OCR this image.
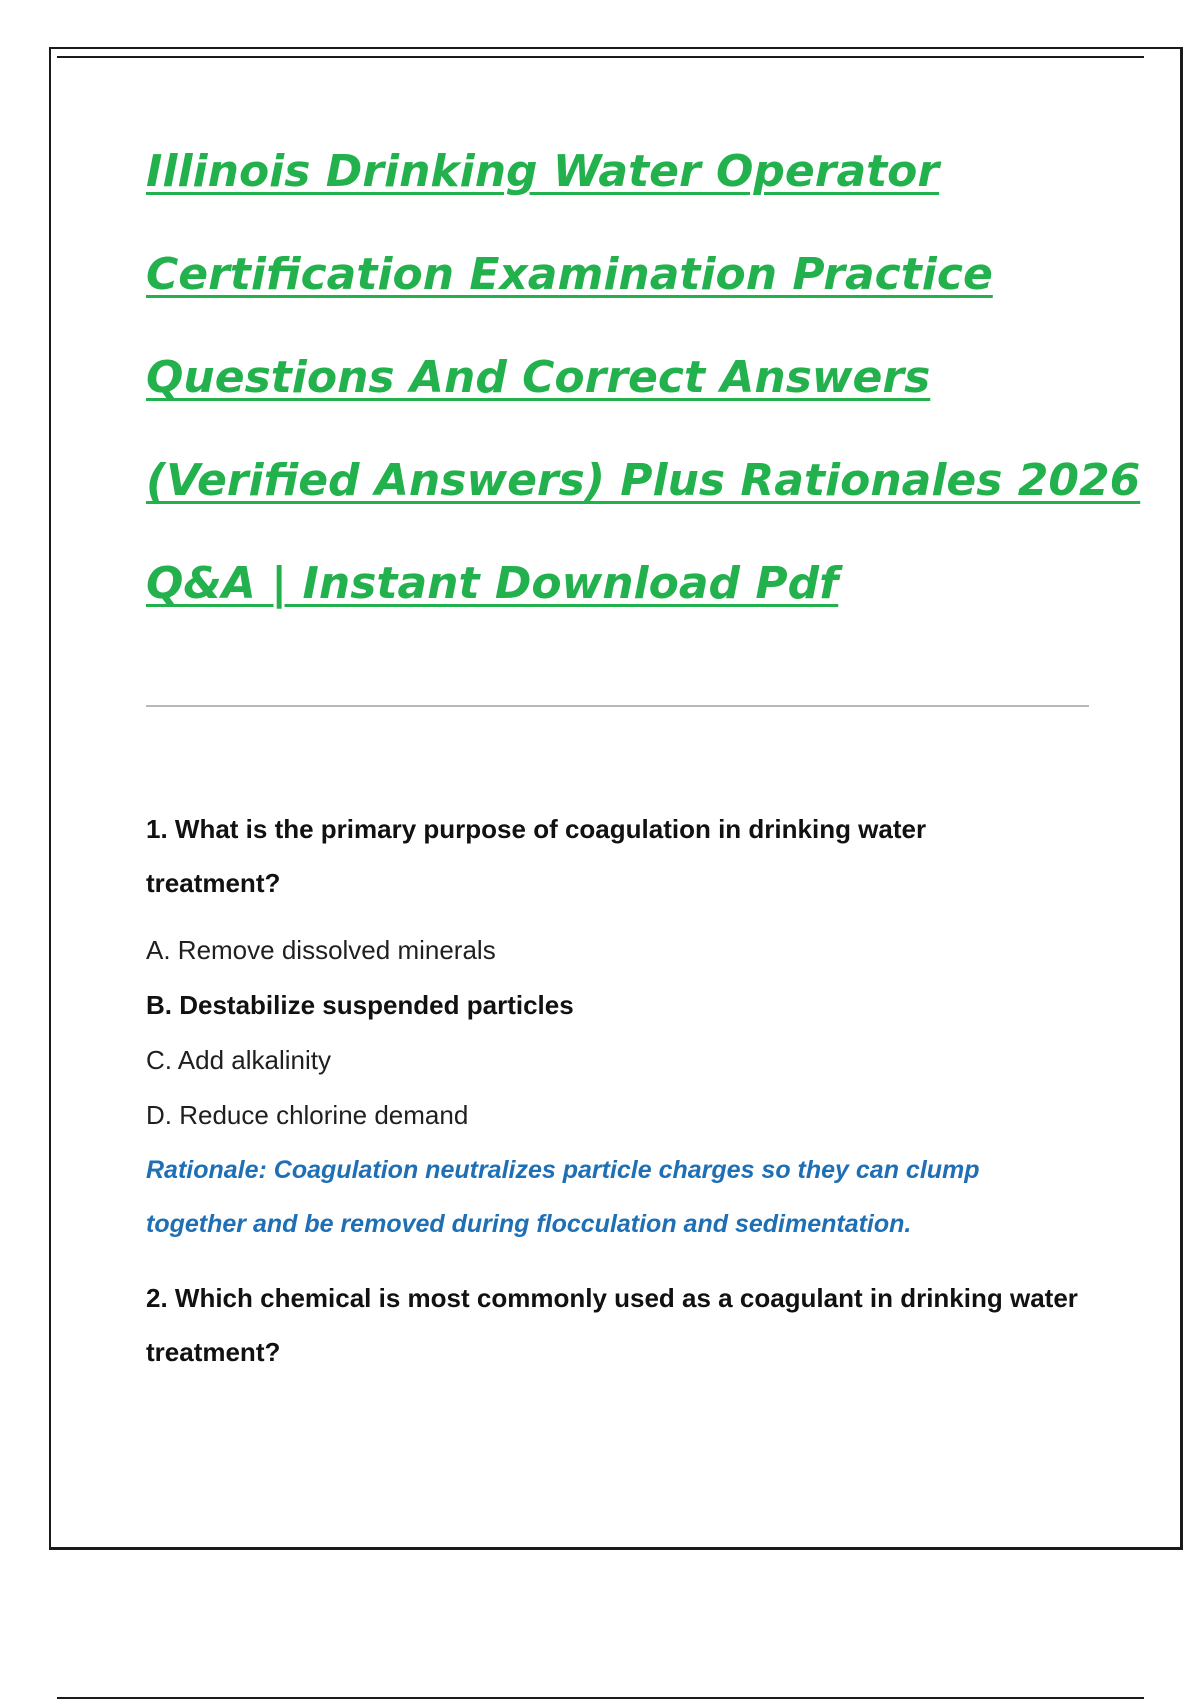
Illinois Drinking Water Operator
Certification Examination Practice
Questions And Correct Answers
(Verified Answers) Plus Rationales 2026
Q&A | Instant Download Pdf
1. What is the primary purpose of coagulation in drinking water
treatment?
A. Remove dissolved minerals
B. Destabilize suspended particles
C. Add alkalinity
D. Reduce chlorine demand
Rationale: Coagulation neutralizes particle charges so they can clump
together and be removed during flocculation and sedimentation.
2. Which chemical is most commonly used as a coagulant in drinking water
treatment?
